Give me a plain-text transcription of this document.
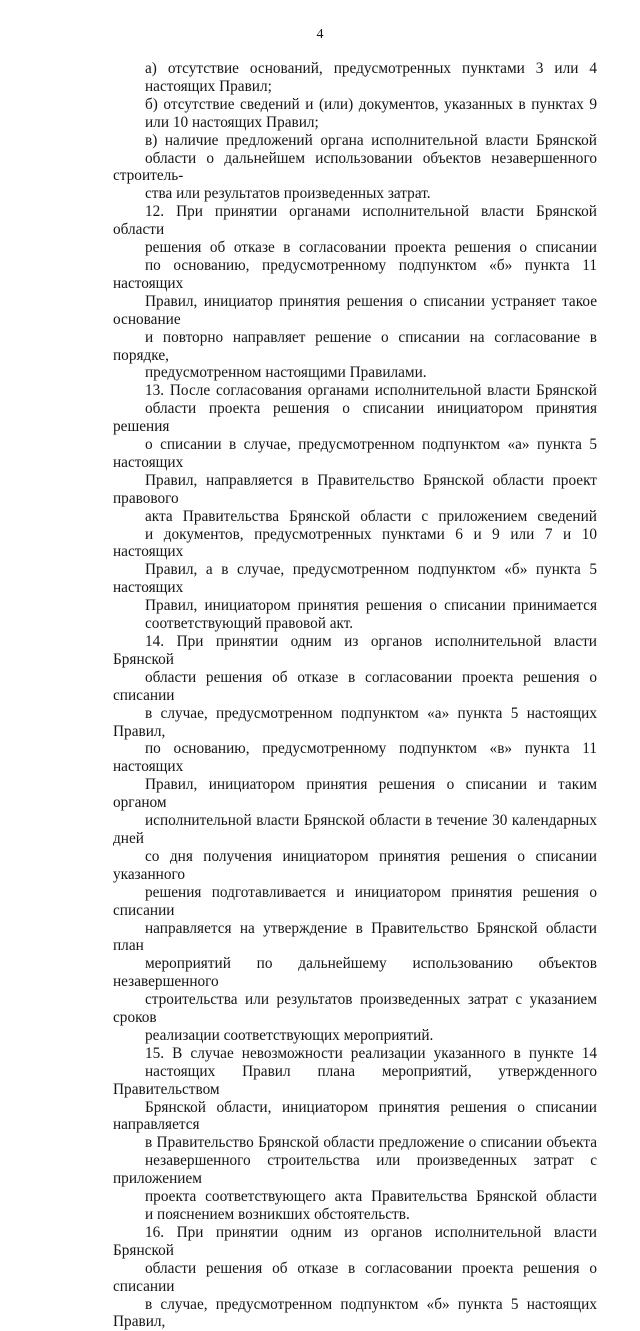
4

а) отсутствие оснований, предусмотренных пунктами 3 или 4
настоящих Правил;

б) отсутствие сведений и (или) документов, указанных в пунктах 9
или 10 настоящих Правил;

в) наличие предложений органа исполнительной власти Брянской
области о дальнейшем использовании объектов незавершенного строитель-
ства или результатов произведенных затрат.

12. При принятии органами исполнительной власти Брянской области
решения об отказе в согласовании проекта решения о списании
по основанию, предусмотренному подпунктом «б» пункта 11 настоящих
Правил, инициатор принятия решения о списании устраняет такое основание
и повторно направляет решение о списании на согласование в порядке,
предусмотренном настоящими Правилами.

13. После согласования органами исполнительной власти Брянской
области проекта решения о списании инициатором принятия решения
о списании в случае, предусмотренном подпунктом «а» пункта 5 настоящих
Правил, направляется в Правительство Брянской области проект правового
акта Правительства Брянской области с приложением сведений
и документов, предусмотренных пунктами 6 и 9 или 7 и 10 настоящих
Правил, а в случае, предусмотренном подпунктом «б» пункта 5 настоящих
Правил, инициатором принятия решения о списании принимается
соответствующий правовой акт.

14. При принятии одним из органов исполнительной власти Брянской
области решения об отказе в согласовании проекта решения о списании
в случае, предусмотренном подпунктом «а» пункта 5 настоящих Правил,
по основанию, предусмотренному подпунктом «в» пункта 11 настоящих
Правил, инициатором принятия решения о списании и таким органом
исполнительной власти Брянской области в течение 30 календарных дней
со дня получения инициатором принятия решения о списании указанного
решения подготавливается и инициатором принятия решения о списании
направляется на утверждение в Правительство Брянской области план
мероприятий по дальнейшему использованию объектов незавершенного
строительства или результатов произведенных затрат с указанием сроков
реализации соответствующих мероприятий.

15. В случае невозможности реализации указанного в пункте 14
настоящих Правил плана мероприятий, утвержденного Правительством
Брянской области, инициатором принятия решения о списании направляется
в Правительство Брянской области предложение о списании объекта
незавершенного строительства или произведенных затрат с приложением
проекта соответствующего акта Правительства Брянской области
и пояснением возникших обстоятельств.

16. При принятии одним из органов исполнительной власти Брянской
области решения об отказе в согласовании проекта решения о списании
в случае, предусмотренном подпунктом «б» пункта 5 настоящих Правил,
